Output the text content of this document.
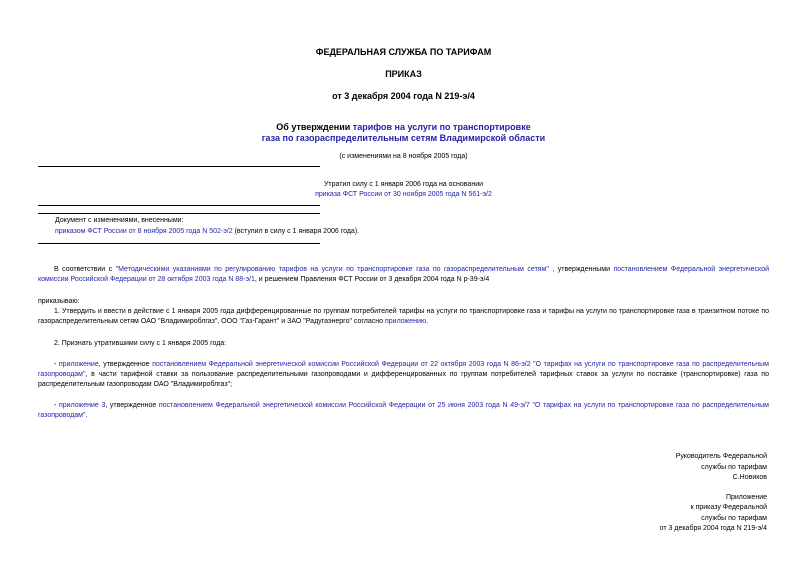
ФЕДЕРАЛЬНАЯ СЛУЖБА ПО ТАРИФАМ
ПРИКАЗ
от 3 декабря 2004 года N 219-э/4
Об утверждении тарифов на услуги по транспортировке
газа по газораспределительным сетям Владимирской области
(с изменениями на 8 ноября 2005 года)
Утратил силу с 1 января 2006 года на основании
приказа ФСТ России от 30 ноября 2005 года N 561-э/2
Документ с изменениями, внесенными:
приказом ФСТ России от 8 ноября 2005 года N 502-э/2 (вступил в силу с 1 января 2006 года).
В соответствии с "Методическими указаниями по регулированию тарифов на услуги по транспортировке газа по газораспределительным сетям" , утвержденными постановлением Федеральной энергетической комиссии Российской Федерации от 28 октября 2003 года N 88-э/1, и решением Правления ФСТ России от 3 декабря 2004 года N р-39-э/4
приказываю:
1. Утвердить и ввести в действие с 1 января 2005 года дифференцированные по группам потребителей тарифы на услуги по транспортировке газа и тарифы на услуги по транспортировке газа в транзитном потоке по газораспределительным сетям ОАО "Владимироблгаз", ООО "Газ-Гарант" и ЗАО "Радугаэнерго" согласно приложению.
2. Признать утратившими силу с 1 января 2005 года:
- приложение, утвержденное постановлением Федеральной энергетической комиссии Российской Федерации от 22 октября 2003 года N 86-э/2 "О тарифах на услуги по транспортировке газа по распределительным газопроводам", в части тарифной ставки за пользование распределительными газопроводами и дифференцированных по группам потребителей тарифных ставок за услуги по поставке (транспортировке) газа по распределительным газопроводам ОАО "Владимироблгаз";
- приложение 3, утвержденное постановлением Федеральной энергетической комиссии Российской Федерации от 25 июня 2003 года N 49-э/7 "О тарифах на услуги по транспортировке газа по распределительным газопроводам".
Руководитель Федеральной
службы по тарифам
С.Новиков
Приложение
к приказу Федеральной
службы по тарифам
от 3 декабря 2004 года N 219-э/4
